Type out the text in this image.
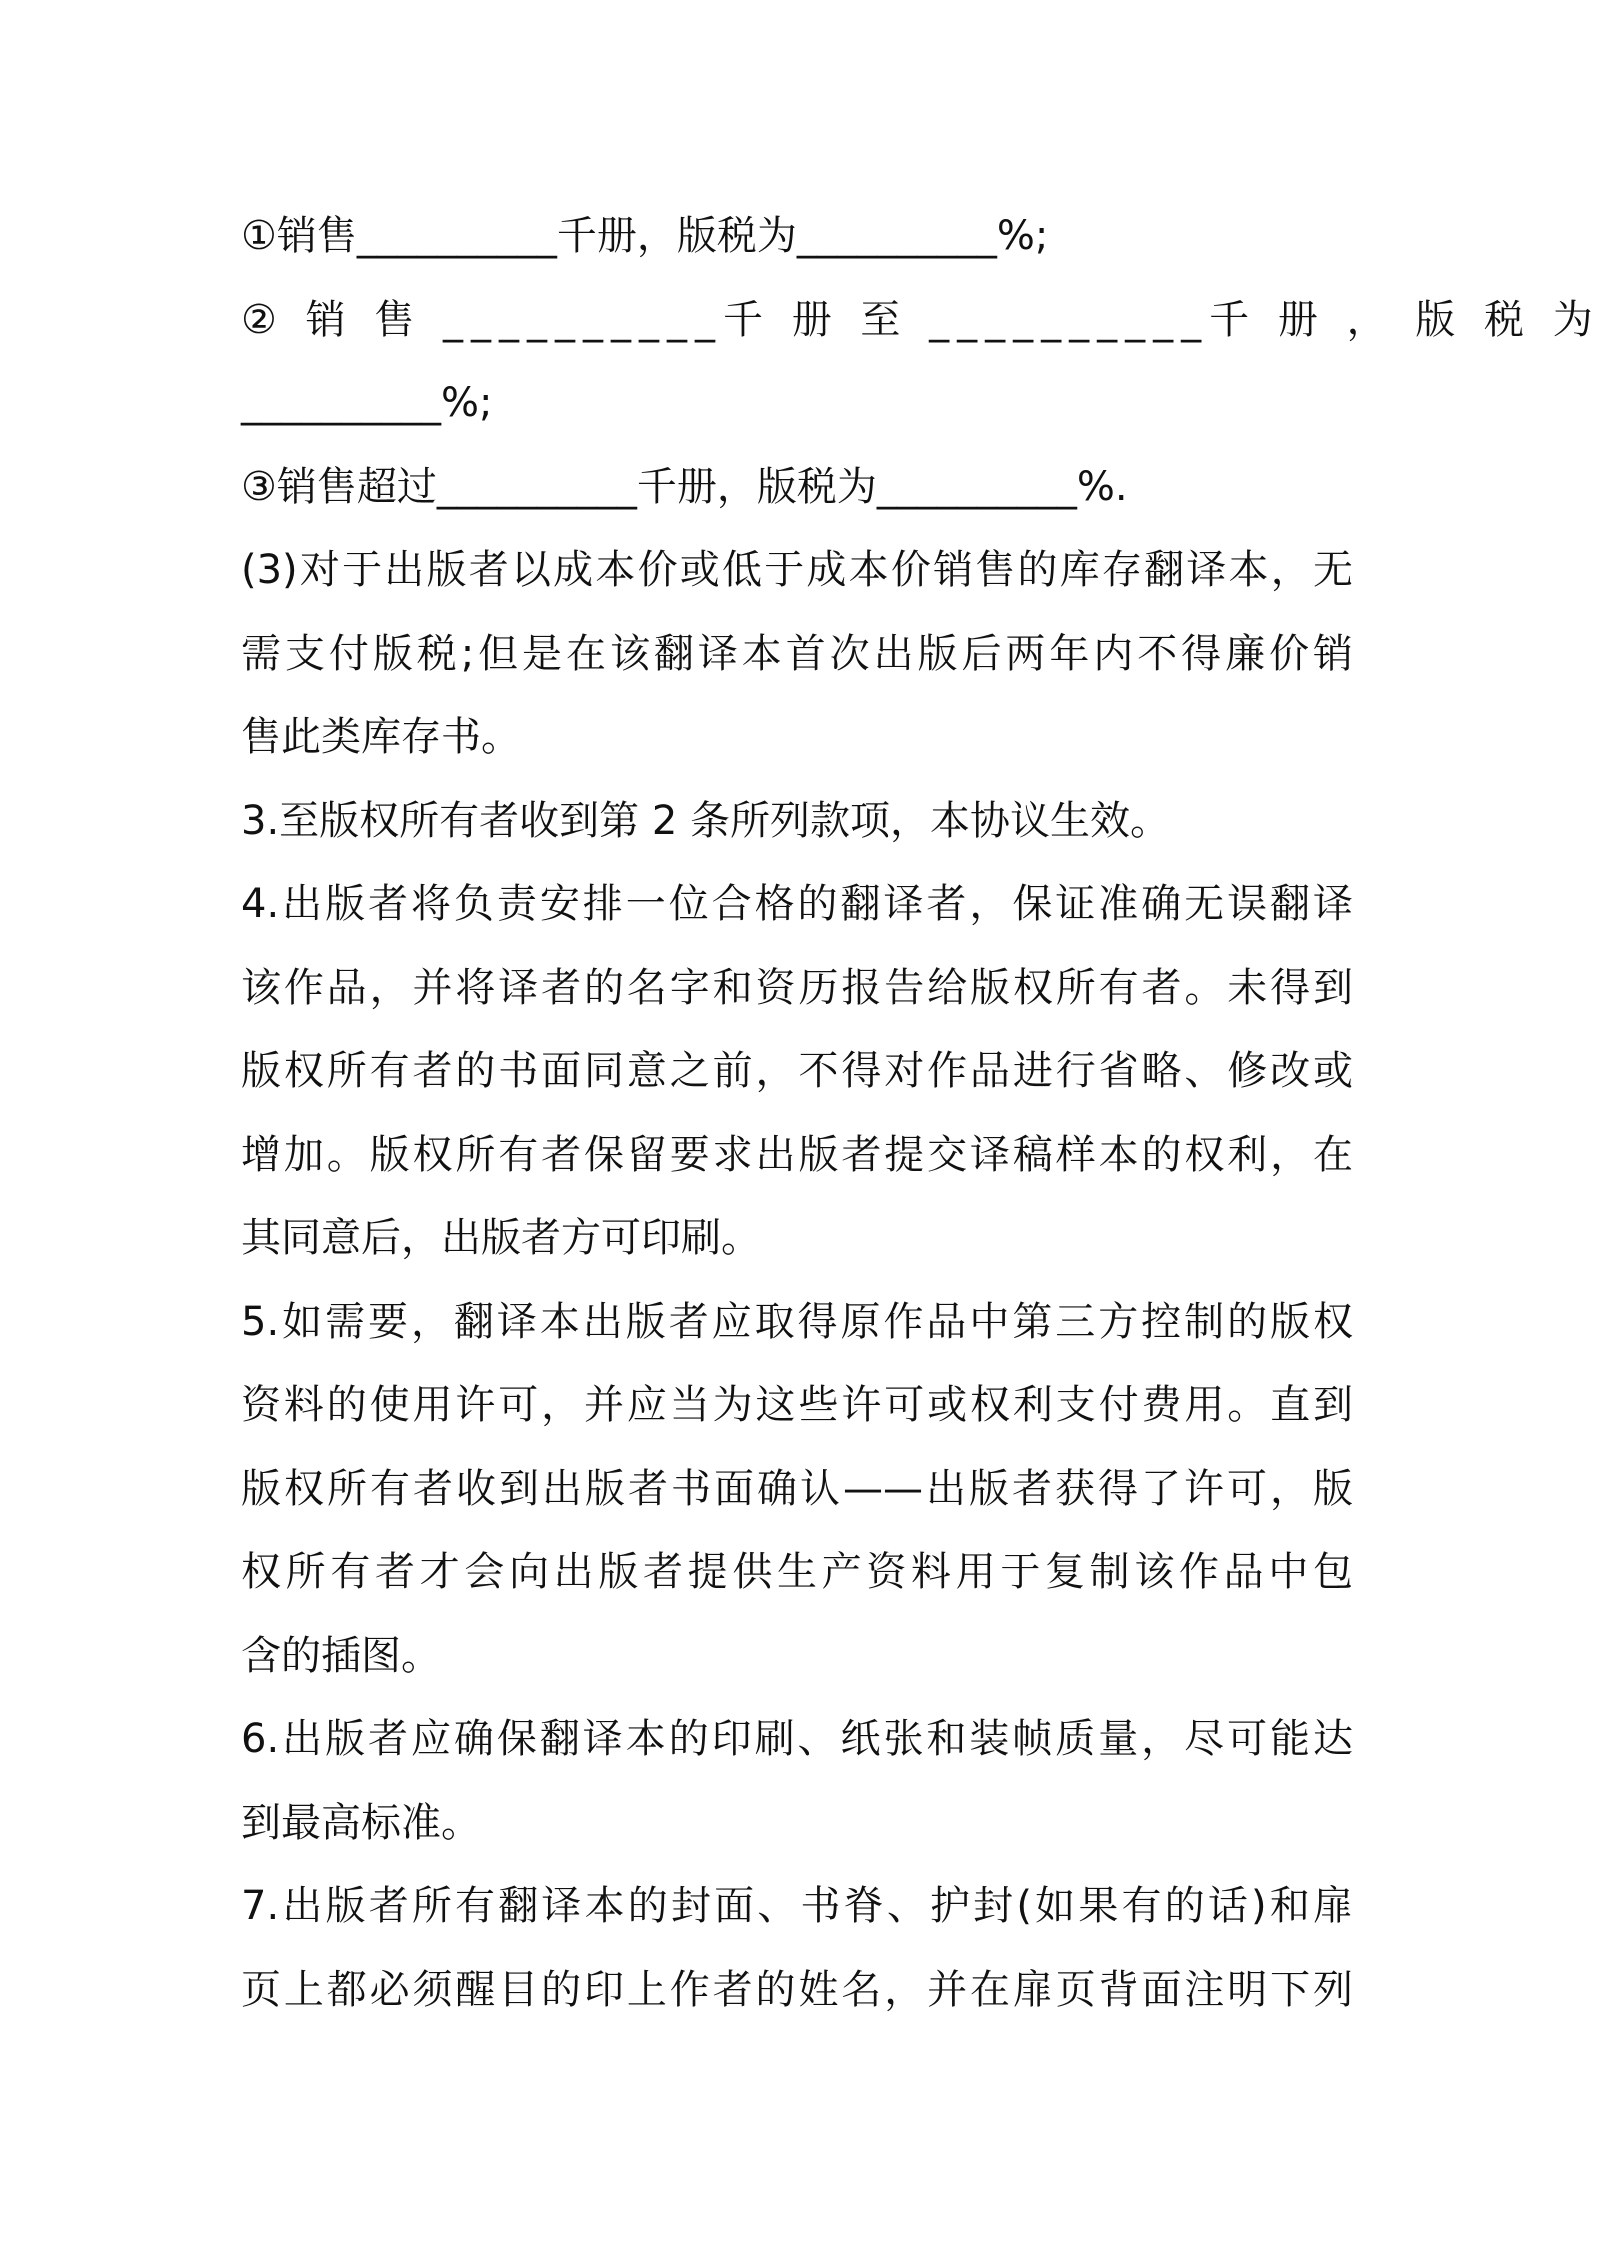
①销售__________千册，版税为__________%;
② 销 售 __________千 册 至 __________千 册 ， 版 税 为
__________%;
③销售超过__________千册，版税为__________%.
(3)对于出版者以成本价或低于成本价销售的库存翻译本，无
需支付版税;但是在该翻译本首次出版后两年内不得廉价销
售此类库存书。
3.至版权所有者收到第 2 条所列款项，本协议生效。
4.出版者将负责安排一位合格的翻译者，保证准确无误翻译
该作品，并将译者的名字和资历报告给版权所有者。未得到
版权所有者的书面同意之前，不得对作品进行省略、修改或
增加。版权所有者保留要求出版者提交译稿样本的权利，在
其同意后，出版者方可印刷。
5.如需要，翻译本出版者应取得原作品中第三方控制的版权
资料的使用许可，并应当为这些许可或权利支付费用。直到
版权所有者收到出版者书面确认——出版者获得了许可，版
权所有者才会向出版者提供生产资料用于复制该作品中包
含的插图。
6.出版者应确保翻译本的印刷、纸张和装帧质量，尽可能达
到最高标准。
7.出版者所有翻译本的封面、书脊、护封(如果有的话)和扉
页上都必须醒目的印上作者的姓名，并在扉页背面注明下列
